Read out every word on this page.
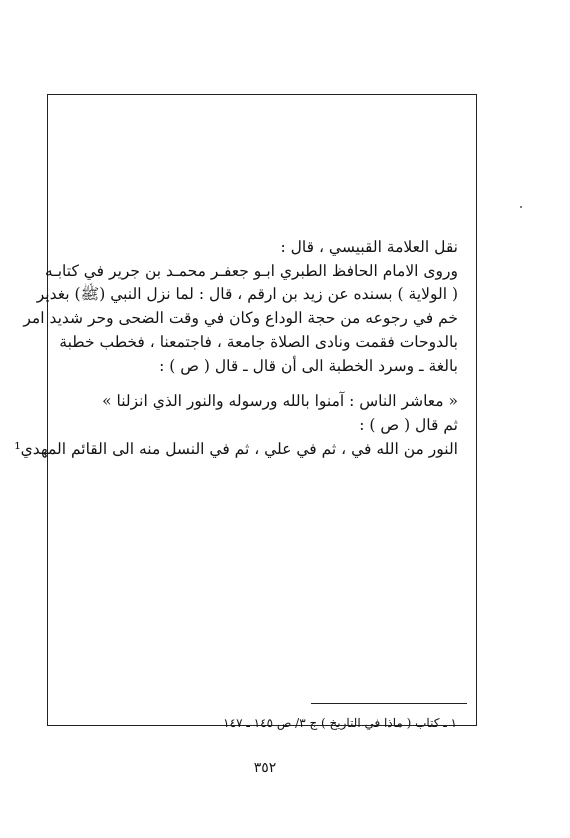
نقل العلامة القبيسي ، قال :
وروى الامام الحافظ الطبري ابـو جعفـر محمـد بن جرير في كتابـه
( الولاية ) بسنده عن زيد بن ارقم ، قال : لما نزل النبي (ﷺ) بغدير
خم في رجوعه من حجة الوداع وكان في وقت الضحى وحر شديد امر
بالدوحات فقمت ونادى الصلاة جامعة ، فاجتمعنا ، فخطب خطبة
بالغة ـ وسرد الخطبة الى أن قال ـ قال ( ص ) :
« معاشر الناس : آمنوا بالله ورسوله والنور الذي انزلنا »
ثم قال ( ص ) :
النور من الله في ، ثم في علي ، ثم في النسل منه الى القائم المهدي¹
١ ـ كتاب ( ماذا في التاريخ ) ج ٣/ ص ١٤٥ ـ ١٤٧
٣٥٢
